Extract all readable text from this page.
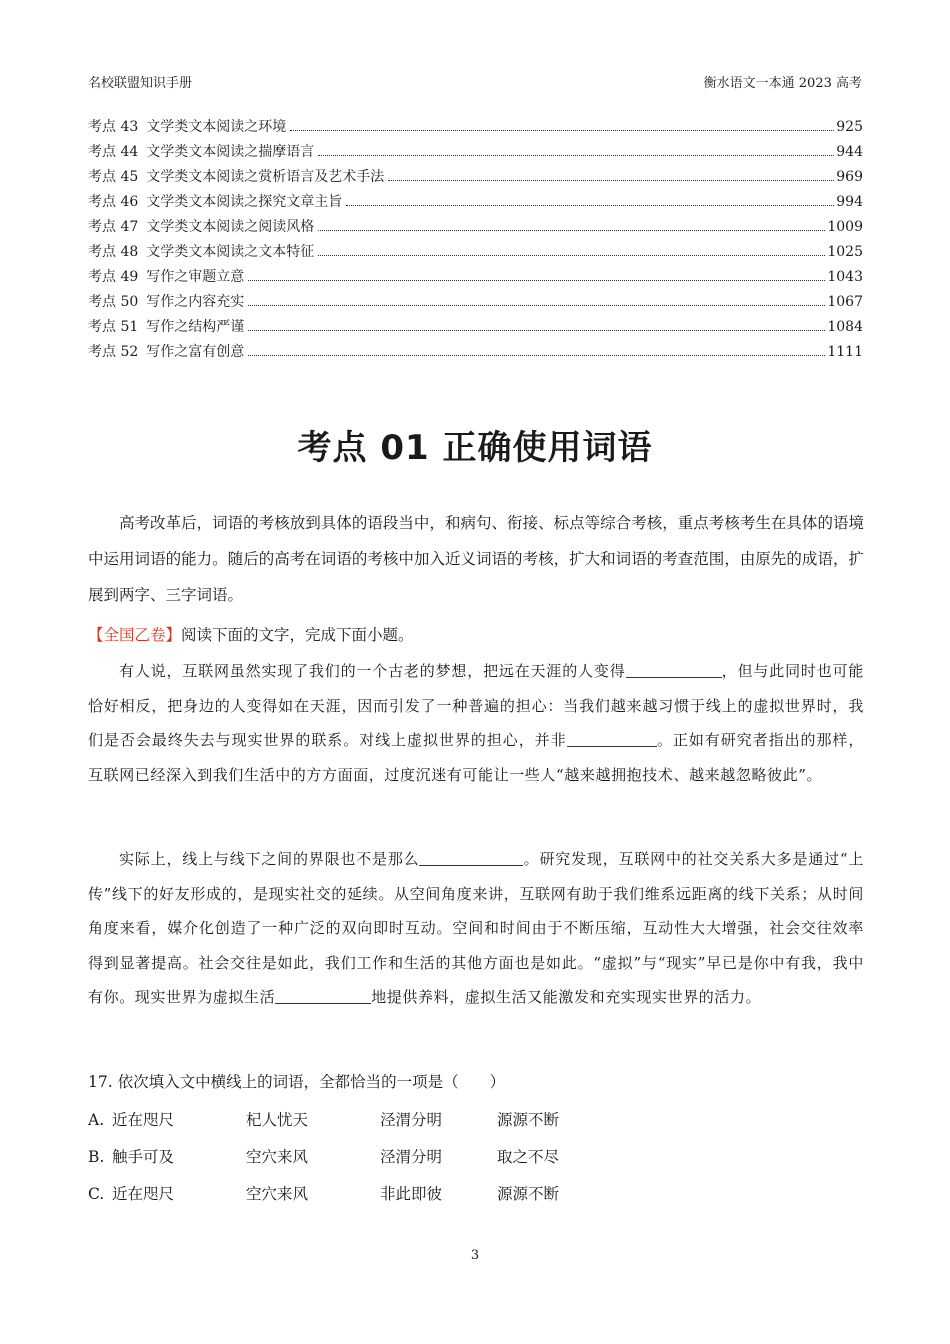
名校联盟知识手册	衡水语文一本通 2023 高考
考点 43 文学类文本阅读之环境	925
考点 44 文学类文本阅读之揣摩语言	944
考点 45 文学类文本阅读之赏析语言及艺术手法	969
考点 46 文学类文本阅读之探究文章主旨	994
考点 47 文学类文本阅读之阅读风格	1009
考点 48 文学类文本阅读之文本特征	1025
考点 49 写作之审题立意	1043
考点 50 写作之内容充实	1067
考点 51 写作之结构严谨	1084
考点 52 写作之富有创意	1111
考点 01 正确使用词语
高考改革后，词语的考核放到具体的语段当中，和病句、衔接、标点等综合考核，重点考核考生在具体的语境中运用词语的能力。随后的高考在词语的考核中加入近义词语的考核，扩大和词语的考查范围，由原先的成语，扩展到两字、三字词语。
【全国乙卷】阅读下面的文字，完成下面小题。
有人说，互联网虽然实现了我们的一个古老的梦想，把远在天涯的人变得	，但与此同时也可能恰好相反，把身边的人变得如在天涯，因而引发了一种普遍的担心：当我们越来越习惯于线上的虚拟世界时，我们是否会最终失去与现实世界的联系。对线上虚拟世界的担心，并非	。正如有研究者指出的那样，互联网已经深入到我们生活中的方方面面，过度沉迷有可能让一些人“越来越拥抱技术、越来越忽略彼此”。
实际上，线上与线下之间的界限也不是那么	。研究发现，互联网中的社交关系大多是通过“上传”线下的好友形成的，是现实社交的延续。从空间角度来讲，互联网有助于我们维系远距离的线下关系；从时间角度来看，媒介化创造了一种广泛的双向即时互动。空间和时间由于不断压缩，互动性大大增强，社会交往效率得到显著提高。社会交往是如此，我们工作和生活的其他方面也是如此。“虚拟”与“现实”早已是你中有我，我中有你。现实世界为虚拟生活	地提供养料，虚拟生活又能激发和充实现实世界的活力。
17. 依次填入文中横线上的词语，全都恰当的一项是（　　）
A. 近在咫尺	杞人忧天	泾渭分明	源源不断
B. 触手可及	空穴来风	泾渭分明	取之不尽
C. 近在咫尺	空穴来风	非此即彼	源源不断
3
